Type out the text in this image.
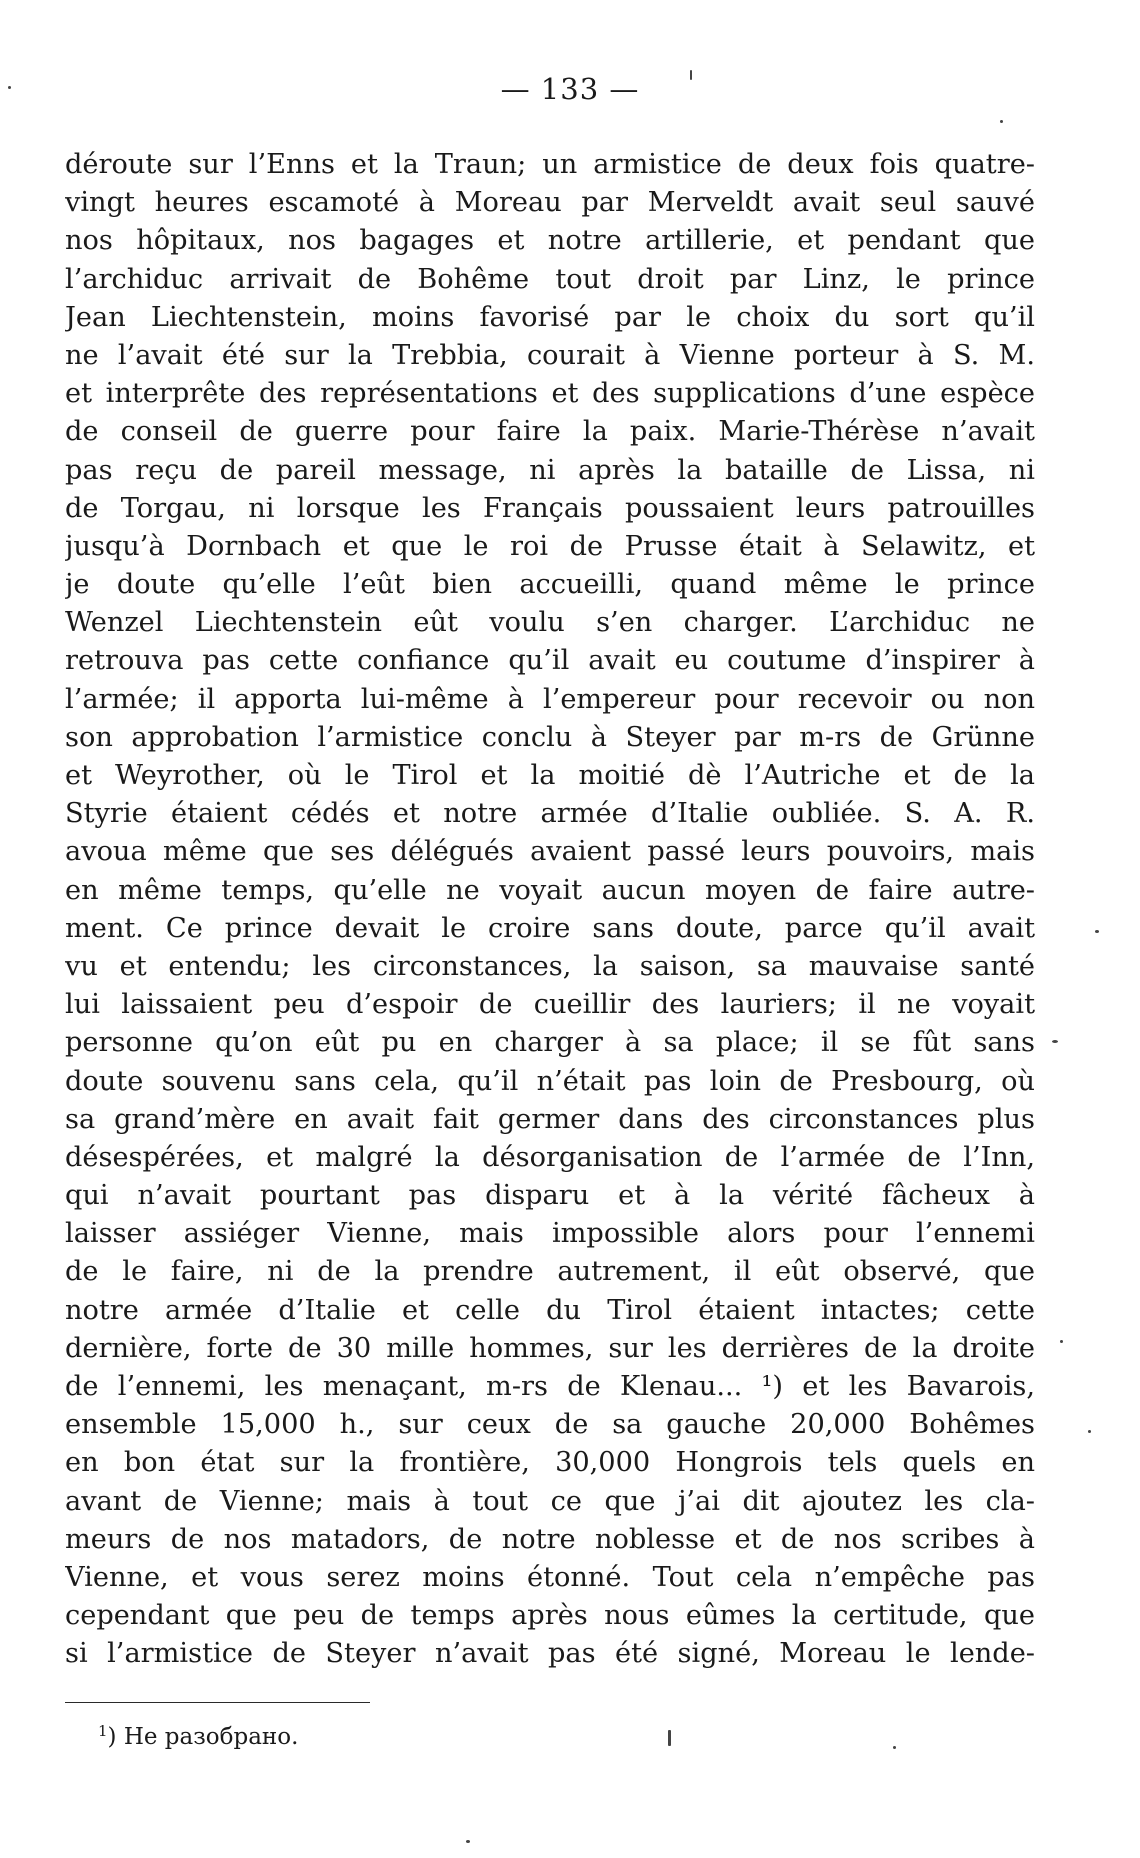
— 133 —
déroute sur l’Enns et la Traun; un armistice de deux fois quatre-
vingt heures escamoté à Moreau par Merveldt avait seul sauvé
nos hôpitaux, nos bagages et notre artillerie, et pendant que
l’archiduc arrivait de Bohême tout droit par Linz, le prince
Jean Liechtenstein, moins favorisé par le choix du sort qu’il
ne l’avait été sur la Trebbia, courait à Vienne porteur à S. M.
et interprête des représentations et des supplications d’une espèce
de conseil de guerre pour faire la paix. Marie-Thérèse n’avait
pas reçu de pareil message, ni après la bataille de Lissa, ni
de Torgau, ni lorsque les Français poussaient leurs patrouilles
jusqu’à Dornbach et que le roi de Prusse était à Selawitz, et
je doute qu’elle l’eût bien accueilli, quand même le prince
Wenzel Liechtenstein eût voulu s’en charger. L’archiduc ne
retrouva pas cette confiance qu’il avait eu coutume d’inspirer à
l’armée; il apporta lui-même à l’empereur pour recevoir ou non
son approbation l’armistice conclu à Steyer par m-rs de Grünne
et Weyrother, où le Tirol et la moitié dè l’Autriche et de la
Styrie étaient cédés et notre armée d’Italie oubliée. S. A. R.
avoua même que ses délégués avaient passé leurs pouvoirs, mais
en même temps, qu’elle ne voyait aucun moyen de faire autre-
ment. Ce prince devait le croire sans doute, parce qu’il avait
vu et entendu; les circonstances, la saison, sa mauvaise santé
lui laissaient peu d’espoir de cueillir des lauriers; il ne voyait
personne qu’on eût pu en charger à sa place; il se fût sans
doute souvenu sans cela, qu’il n’était pas loin de Presbourg, où
sa grand’mère en avait fait germer dans des circonstances plus
désespérées, et malgré la désorganisation de l’armée de l’Inn,
qui n’avait pourtant pas disparu et à la vérité fâcheux à
laisser assiéger Vienne, mais impossible alors pour l’ennemi
de le faire, ni de la prendre autrement, il eût observé, que
notre armée d’Italie et celle du Tirol étaient intactes; cette
dernière, forte de 30 mille hommes, sur les derrières de la droite
de l’ennemi, les menaçant, m-rs de Klenau... ¹) et les Bavarois,
ensemble 15,000 h., sur ceux de sa gauche 20,000 Bohêmes
en bon état sur la frontière, 30,000 Hongrois tels quels en
avant de Vienne; mais à tout ce que j’ai dit ajoutez les cla-
meurs de nos matadors, de notre noblesse et de nos scribes à
Vienne, et vous serez moins étonné. Tout cela n’empêche pas
cependant que peu de temps après nous eûmes la certitude, que
si l’armistice de Steyer n’avait pas été signé, Moreau le lende-
$^1$) Не разобрано.
